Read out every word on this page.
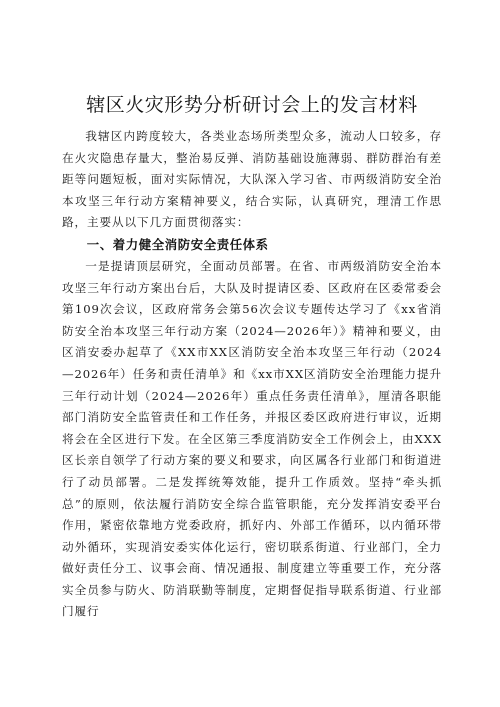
辖区火灾形势分析研讨会上的发言材料

我辖区内跨度较大，各类业态场所类型众多，流动人口较多，存在火灾隐患存量大，整治易反弹、消防基础设施薄弱、群防群治有差距等问题短板，面对实际情况，大队深入学习省、市两级消防安全治本攻坚三年行动方案精神要义，结合实际，认真研究，理清工作思路，主要从以下几方面贯彻落实：

一、着力健全消防安全责任体系

一是提请顶层研究，全面动员部署。在省、市两级消防安全治本攻坚三年行动方案出台后，大队及时提请区委、区政府在区委常委会第109次会议，区政府常务会第56次会议专题传达学习了《xx省消防安全治本攻坚三年行动方案（2024—2026年）》精神和要义，由区消安委办起草了《XX市XX区消防安全治本攻坚三年行动（2024—2026年）任务和责任清单》和《xx市XX区消防安全治理能力提升三年行动计划（2024—2026年）重点任务责任清单》，厘清各职能部门消防安全监管责任和工作任务，并报区委区政府进行审议，近期将会在全区进行下发。在全区第三季度消防安全工作例会上，由XXX区长亲自领学了行动方案的要义和要求，向区属各行业部门和街道进行了动员部署。二是发挥统筹效能，提升工作质效。坚持“牵头抓总”的原则，依法履行消防安全综合监管职能，充分发挥消安委平台作用，紧密依靠地方党委政府，抓好内、外部工作循环，以内循环带动外循环，实现消安委实体化运行，密切联系街道、行业部门，全力做好责任分工、议事会商、情况通报、制度建立等重要工作，充分落实全员参与防火、防消联勤等制度，定期督促指导联系街道、行业部门履行
